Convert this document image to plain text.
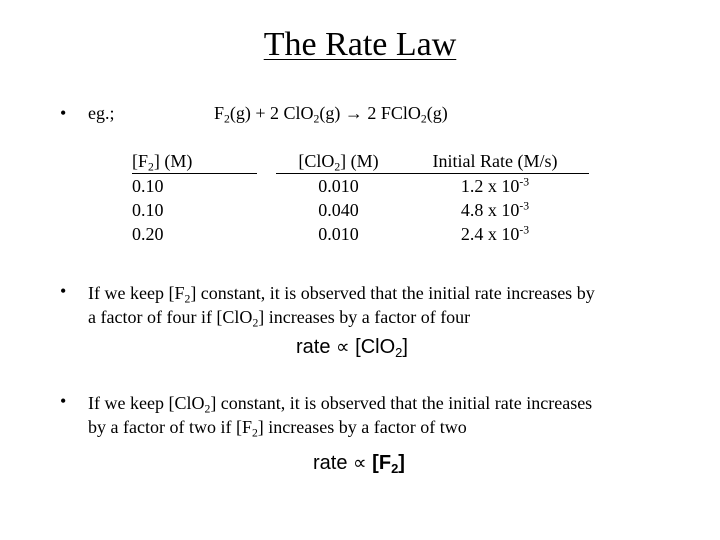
The Rate Law
• eg.;	$F_2(g) + 2$ ClO$_2$(g) → 2 FClO$_2$(g)
$[F_2]$ (M)
0.10
0.10
0.20
[ClO$_2$] (M)
0.010
0.040
0.010
Initial Rate (M/s)
1.2 x $10^{-3}$
4.8 x $10^{-3}$
2.4 x $10^{-3}$
• If we keep $[F_2]$ constant, it is observed that the initial rate increases by
a factor of four if [ClO$_2$] increases by a factor of four
rate ∝ [ClO$_2$]
• If we keep [ClO$_2$] constant, it is observed that the initial rate increases
by a factor of two if $[F_2]$ increases by a factor of two
rate ∝ $[F_2]$
